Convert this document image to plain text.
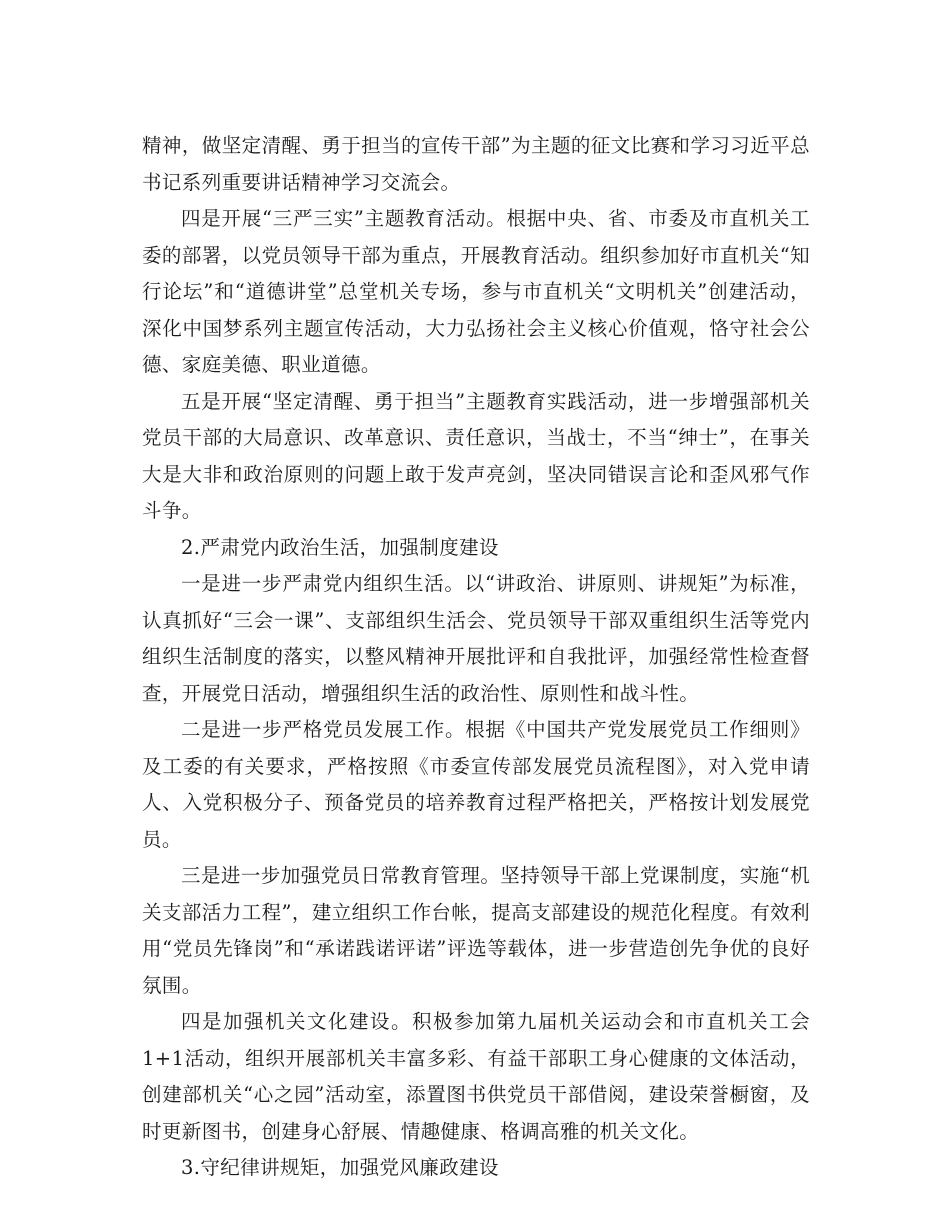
精神，做坚定清醒、勇于担当的宣传干部”为主题的征文比赛和学习习近平总书记系列重要讲话精神学习交流会。

四是开展“三严三实”主题教育活动。根据中央、省、市委及市直机关工委的部署，以党员领导干部为重点，开展教育活动。组织参加好市直机关“知行论坛”和“道德讲堂”总堂机关专场，参与市直机关“文明机关”创建活动，深化中国梦系列主题宣传活动，大力弘扬社会主义核心价值观，恪守社会公德、家庭美德、职业道德。

五是开展“坚定清醒、勇于担当”主题教育实践活动，进一步增强部机关党员干部的大局意识、改革意识、责任意识，当战士，不当“绅士”，在事关大是大非和政治原则的问题上敢于发声亮剑，坚决同错误言论和歪风邪气作斗争。

2.严肃党内政治生活，加强制度建设

一是进一步严肃党内组织生活。以“讲政治、讲原则、讲规矩”为标准，认真抓好“三会一课”、支部组织生活会、党员领导干部双重组织生活等党内组织生活制度的落实，以整风精神开展批评和自我批评，加强经常性检查督查，开展党日活动，增强组织生活的政治性、原则性和战斗性。

二是进一步严格党员发展工作。根据《中国共产党发展党员工作细则》及工委的有关要求，严格按照《市委宣传部发展党员流程图》，对入党申请人、入党积极分子、预备党员的培养教育过程严格把关，严格按计划发展党员。

三是进一步加强党员日常教育管理。坚持领导干部上党课制度，实施“机关支部活力工程”，建立组织工作台帐，提高支部建设的规范化程度。有效利用“党员先锋岗”和“承诺践诺评诺”评选等载体，进一步营造创先争优的良好氛围。

四是加强机关文化建设。积极参加第九届机关运动会和市直机关工会1+1活动，组织开展部机关丰富多彩、有益干部职工身心健康的文体活动，创建部机关“心之园”活动室，添置图书供党员干部借阅，建设荣誉橱窗，及时更新图书，创建身心舒展、情趣健康、格调高雅的机关文化。

3.守纪律讲规矩，加强党风廉政建设
